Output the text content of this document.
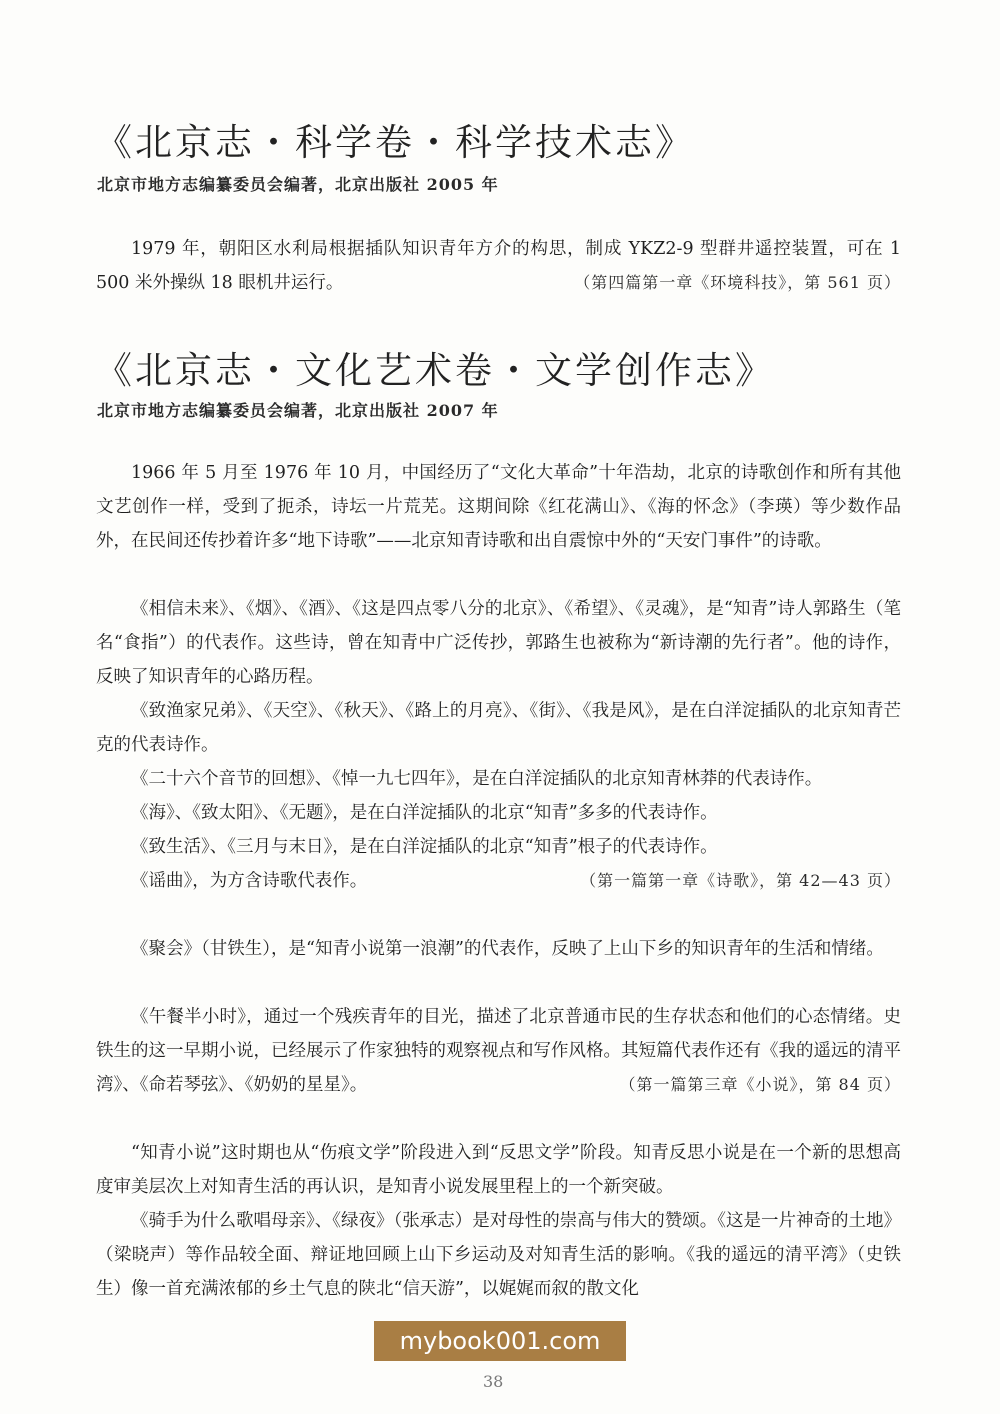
《北京志・科学卷・科学技术志》

北京市地方志编纂委员会编著，北京出版社 2005 年

1979 年，朝阳区水利局根据插队知识青年方介的构思，制成 YKZ2-9 型群井遥控装置，可在 1 500 米外操纵 18 眼机井运行。	（第四篇第一章《环境科技》，第 561 页）

《北京志・文化艺术卷・文学创作志》

北京市地方志编纂委员会编著，北京出版社 2007 年

1966 年 5 月至 1976 年 10 月，中国经历了“文化大革命”十年浩劫，北京的诗歌创作和所有其他文艺创作一样，受到了扼杀，诗坛一片荒芜。这期间除《红花满山》、《海的怀念》（李瑛）等少数作品外，在民间还传抄着许多“地下诗歌”——北京知青诗歌和出自震惊中外的“天安门事件”的诗歌。

《相信未来》、《烟》、《酒》、《这是四点零八分的北京》、《希望》、《灵魂》，是“知青”诗人郭路生（笔名“食指”）的代表作。这些诗，曾在知青中广泛传抄，郭路生也被称为“新诗潮的先行者”。他的诗作，反映了知识青年的心路历程。

《致渔家兄弟》、《天空》、《秋天》、《路上的月亮》、《街》、《我是风》，是在白洋淀插队的北京知青芒克的代表诗作。

《二十六个音节的回想》、《悼一九七四年》，是在白洋淀插队的北京知青林莽的代表诗作。

《海》、《致太阳》、《无题》，是在白洋淀插队的北京“知青”多多的代表诗作。

《致生活》、《三月与末日》，是在白洋淀插队的北京“知青”根子的代表诗作。

《谣曲》，为方含诗歌代表作。	（第一篇第一章《诗歌》，第 42—43 页）

《聚会》（甘铁生），是“知青小说第一浪潮”的代表作，反映了上山下乡的知识青年的生活和情绪。

《午餐半小时》，通过一个残疾青年的目光，描述了北京普通市民的生存状态和他们的心态情绪。史铁生的这一早期小说，已经展示了作家独特的观察视点和写作风格。其短篇代表作还有《我的遥远的清平湾》、《命若琴弦》、《奶奶的星星》。	（第一篇第三章《小说》，第 84 页）

“知青小说”这时期也从“伤痕文学”阶段进入到“反思文学”阶段。知青反思小说是在一个新的思想高度审美层次上对知青生活的再认识，是知青小说发展里程上的一个新突破。

《骑手为什么歌唱母亲》、《绿夜》（张承志）是对母性的崇高与伟大的赞颂。《这是一片神奇的土地》（梁晓声）等作品较全面、辩证地回顾上山下乡运动及对知青生活的影响。《我的遥远的清平湾》（史铁生）像一首充满浓郁的乡土气息的陕北“信天游”，以娓娓而叙的散文化

38
mybook001.com
